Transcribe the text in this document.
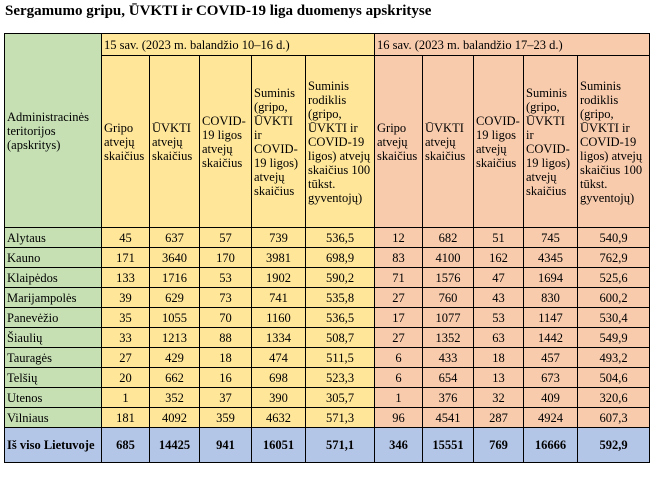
Sergamumo gripu, ŪVKTI ir COVID-19 liga duomenys apskrityse
Administracinės teritorijos (apskritys)	15 sav. (2023 m. balandžio 10–16 d.)					16 sav. (2023 m. balandžio 17–23 d.)				
	Gripo atvejų skaičius	ŪVKTI atvejų skaičius	COVID-19 ligos atvejų skaičius	Suminis (gripo, ŪVKTI ir COVID-19 ligos) atvejų skaičius	Suminis rodiklis (gripo, ŪVKTI ir COVID-19 ligos) atvejų skaičius 100 tūkst. gyventojų)	Gripo atvejų skaičius	ŪVKTI atvejų skaičius	COVID-19 ligos atvejų skaičius	Suminis (gripo, ŪVKTI ir COVID-19 ligos) atvejų skaičius	Suminis rodiklis (gripo, ŪVKTI ir COVID-19 ligos) atvejų skaičius 100 tūkst. gyventojų)
Alytaus	45	637	57	739	536,5	12	682	51	745	540,9
Kauno	171	3640	170	3981	698,9	83	4100	162	4345	762,9
Klaipėdos	133	1716	53	1902	590,2	71	1576	47	1694	525,6
Marijampolės	39	629	73	741	535,8	27	760	43	830	600,2
Panevėžio	35	1055	70	1160	536,5	17	1077	53	1147	530,4
Šiaulių	33	1213	88	1334	508,7	27	1352	63	1442	549,9
Tauragės	27	429	18	474	511,5	6	433	18	457	493,2
Telšių	20	662	16	698	523,3	6	654	13	673	504,6
Utenos	1	352	37	390	305,7	1	376	32	409	320,6
Vilniaus	181	4092	359	4632	571,3	96	4541	287	4924	607,3
Iš viso Lietuvoje	685	14425	941	16051	571,1	346	15551	769	16666	592,9
